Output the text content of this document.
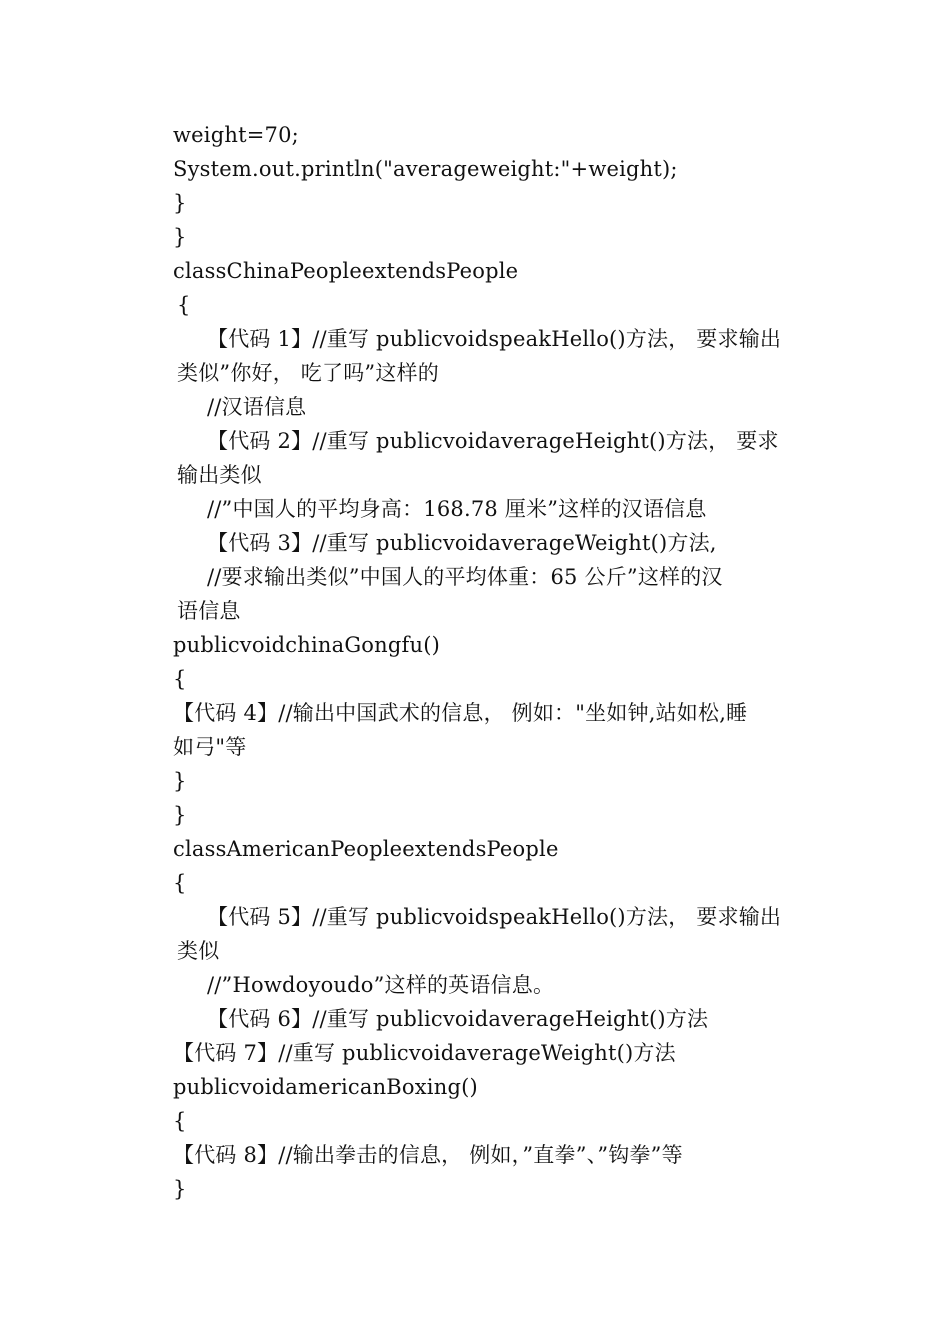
weight=70;
System.out.println("averageweight:"+weight);
}
}
classChinaPeopleextendsPeople
{
【代码 1】//重写 publicvoidspeakHello()方法， 要求输出
类似”你好， 吃了吗”这样的
//汉语信息
【代码 2】//重写 publicvoidaverageHeight()方法， 要求
输出类似
//”中国人的平均身高：168.78 厘米”这样的汉语信息
【代码 3】//重写 publicvoidaverageWeight()方法,
//要求输出类似”中国人的平均体重：65 公斤”这样的汉
语信息
publicvoidchinaGongfu()
{
【代码 4】//输出中国武术的信息， 例如："坐如钟,站如松,睡
如弓"等
}
}
classAmericanPeopleextendsPeople
{
【代码 5】//重写 publicvoidspeakHello()方法， 要求输出
类似
//”Howdoyoudo”这样的英语信息。
【代码 6】//重写 publicvoidaverageHeight()方法
【代码 7】//重写 publicvoidaverageWeight()方法
publicvoidamericanBoxing()
{
【代码 8】//输出拳击的信息， 例如，”直拳”、”钩拳”等
}
